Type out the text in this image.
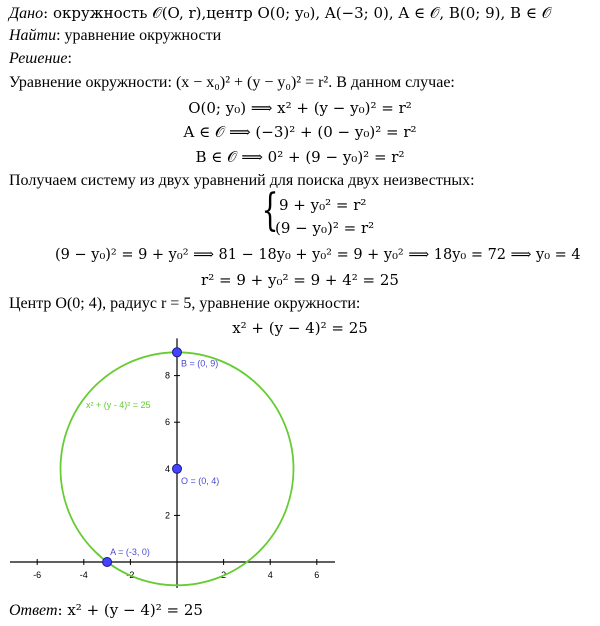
Дано: окружность 𝒪(O, r),центр O(0; y₀), A(−3; 0), A ∈ 𝒪, B(0; 9), B ∈ 𝒪
Найти: уравнение окружности
Решение:
Уравнение окружности: (x − x₀)² + (y − y₀)² = r². В данном случае:
O(0; y₀) ⟹ x² + (y − y₀)² = r²
A ∈ 𝒪 ⟹ (−3)² + (0 − y₀)² = r²
B ∈ 𝒪 ⟹ 0² + (9 − y₀)² = r²
Получаем систему из двух уравнений для поиска двух неизвестных:
{ 9 + y₀² = r²
(9 − y₀)² = r²
(9 − y₀)² = 9 + y₀² ⟹ 81 − 18y₀ + y₀² = 9 + y₀² ⟹ 18y₀ = 72 ⟹ y₀ = 4
r² = 9 + y₀² = 9 + 4² = 25
Центр O(0; 4), радиус r = 5, уравнение окружности:
x² + (y − 4)² = 25
-6	-4	-2	2	4	6
2
4
6
8
x² + (y - 4)² = 25
B = (0, 9)
O = (0, 4)
A = (-3, 0)
Ответ: x² + (y − 4)² = 25
